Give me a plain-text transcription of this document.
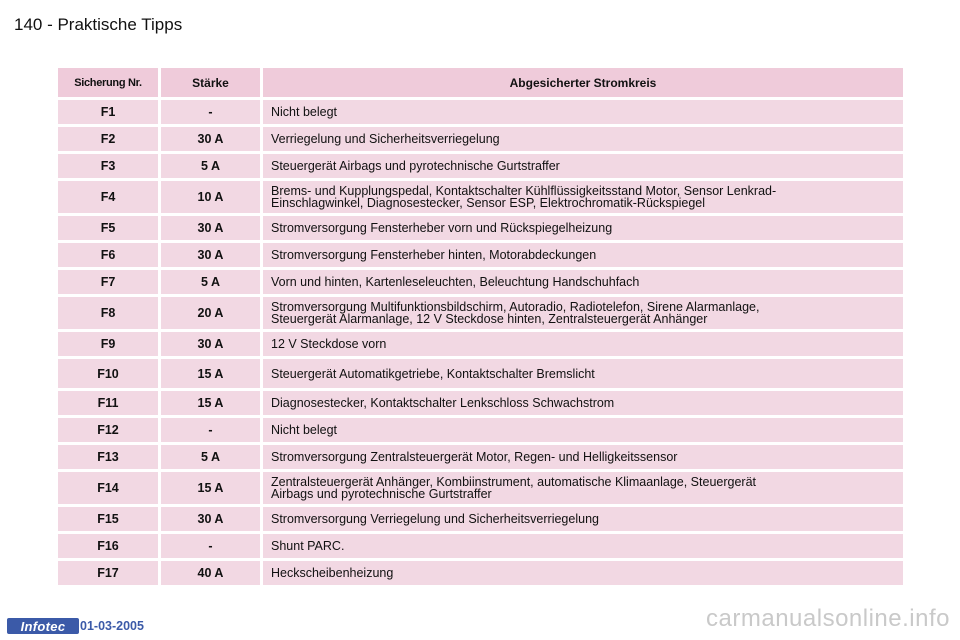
140 - Praktische Tipps
Sicherung Nr.	Stärke	Abgesicherter Stromkreis
F1	-	Nicht belegt
F2	30 A	Verriegelung und Sicherheitsverriegelung
F3	5 A	Steuergerät Airbags und pyrotechnische Gurtstraffer
F4	10 A	Brems- und Kupplungspedal, Kontaktschalter Kühlflüssigkeitsstand Motor, Sensor Lenkrad-
Einschlagwinkel, Diagnosestecker, Sensor ESP, Elektrochromatik-Rückspiegel
F5	30 A	Stromversorgung Fensterheber vorn und Rückspiegelheizung
F6	30 A	Stromversorgung Fensterheber hinten, Motorabdeckungen
F7	5 A	Vorn und hinten, Kartenleseleuchten, Beleuchtung Handschuhfach
F8	20 A	Stromversorgung Multifunktionsbildschirm, Autoradio, Radiotelefon, Sirene Alarmanlage,
Steuergerät Alarmanlage, 12 V Steckdose hinten, Zentralsteuergerät Anhänger
F9	30 A	12 V Steckdose vorn
F10	15 A	Steuergerät Automatikgetriebe, Kontaktschalter Bremslicht
F11	15 A	Diagnosestecker, Kontaktschalter Lenkschloss Schwachstrom
F12	-	Nicht belegt
F13	5 A	Stromversorgung Zentralsteuergerät Motor, Regen- und Helligkeitssensor
F14	15 A	Zentralsteuergerät Anhänger, Kombiinstrument, automatische Klimaanlage, Steuergerät
Airbags und pyrotechnische Gurtstraffer
F15	30 A	Stromversorgung Verriegelung und Sicherheitsverriegelung
F16	-	Shunt PARC.
F17	40 A	Heckscheibenheizung
Infotec	01-03-2005	carmanualsonline.info
